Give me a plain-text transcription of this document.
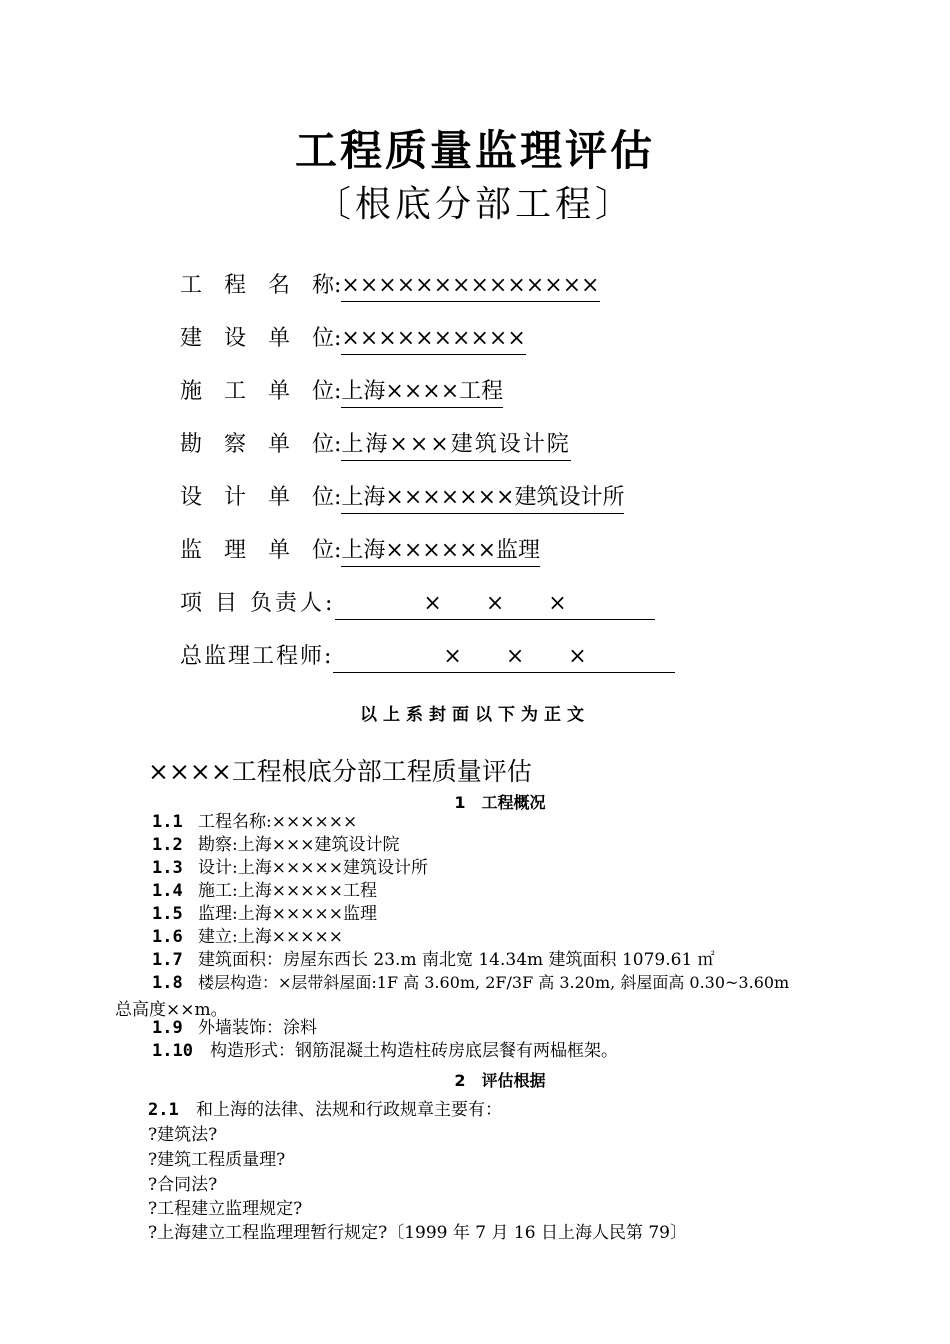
工程质量监理评估
〔根底分部工程〕
工　程　名　称:××××××××××××××
建　设　单　位:××××××××××
施　工　单　位:上海××××工程
勘　察　单　位:上海×××建筑设计院
设　计　单　位:上海×××××××建筑设计所
监　理　单　位:上海××××××监理
项 目 负责人:　　　　×　　×　　×　　　　
总监理工程师:　　　　　×　　×　　×　　　　
以上系封面以下为正文
××××工程根底分部工程质量评估
1　工程概况
1.1 工程名称:××××××
1.2 勘察:上海×××建筑设计院
1.3 设计:上海×××××建筑设计所
1.4 施工:上海×××××工程
1.5 监理:上海×××××监理
1.6 建立:上海×××××
1.7 建筑面积：房屋东西长 23.m 南北宽 14.34m 建筑面积 1079.61 ㎡
1.8 楼层构造：×层带斜屋面:1F 高 3.60m, 2F/3F 高 3.20m, 斜屋面高 0.30~3.60m
总高度××m。
1.9 外墙装饰：涂料
1.10 构造形式：钢筋混凝土构造柱砖房底层餐有两榀框架。
2　评估根据
2.1 和上海的法律、法规和行政规章主要有：
?建筑法?
?建筑工程质量理?
?合同法?
?工程建立监理规定?
?上海建立工程监理理暂行规定?〔1999 年 7 月 16 日上海人民第 79〕
